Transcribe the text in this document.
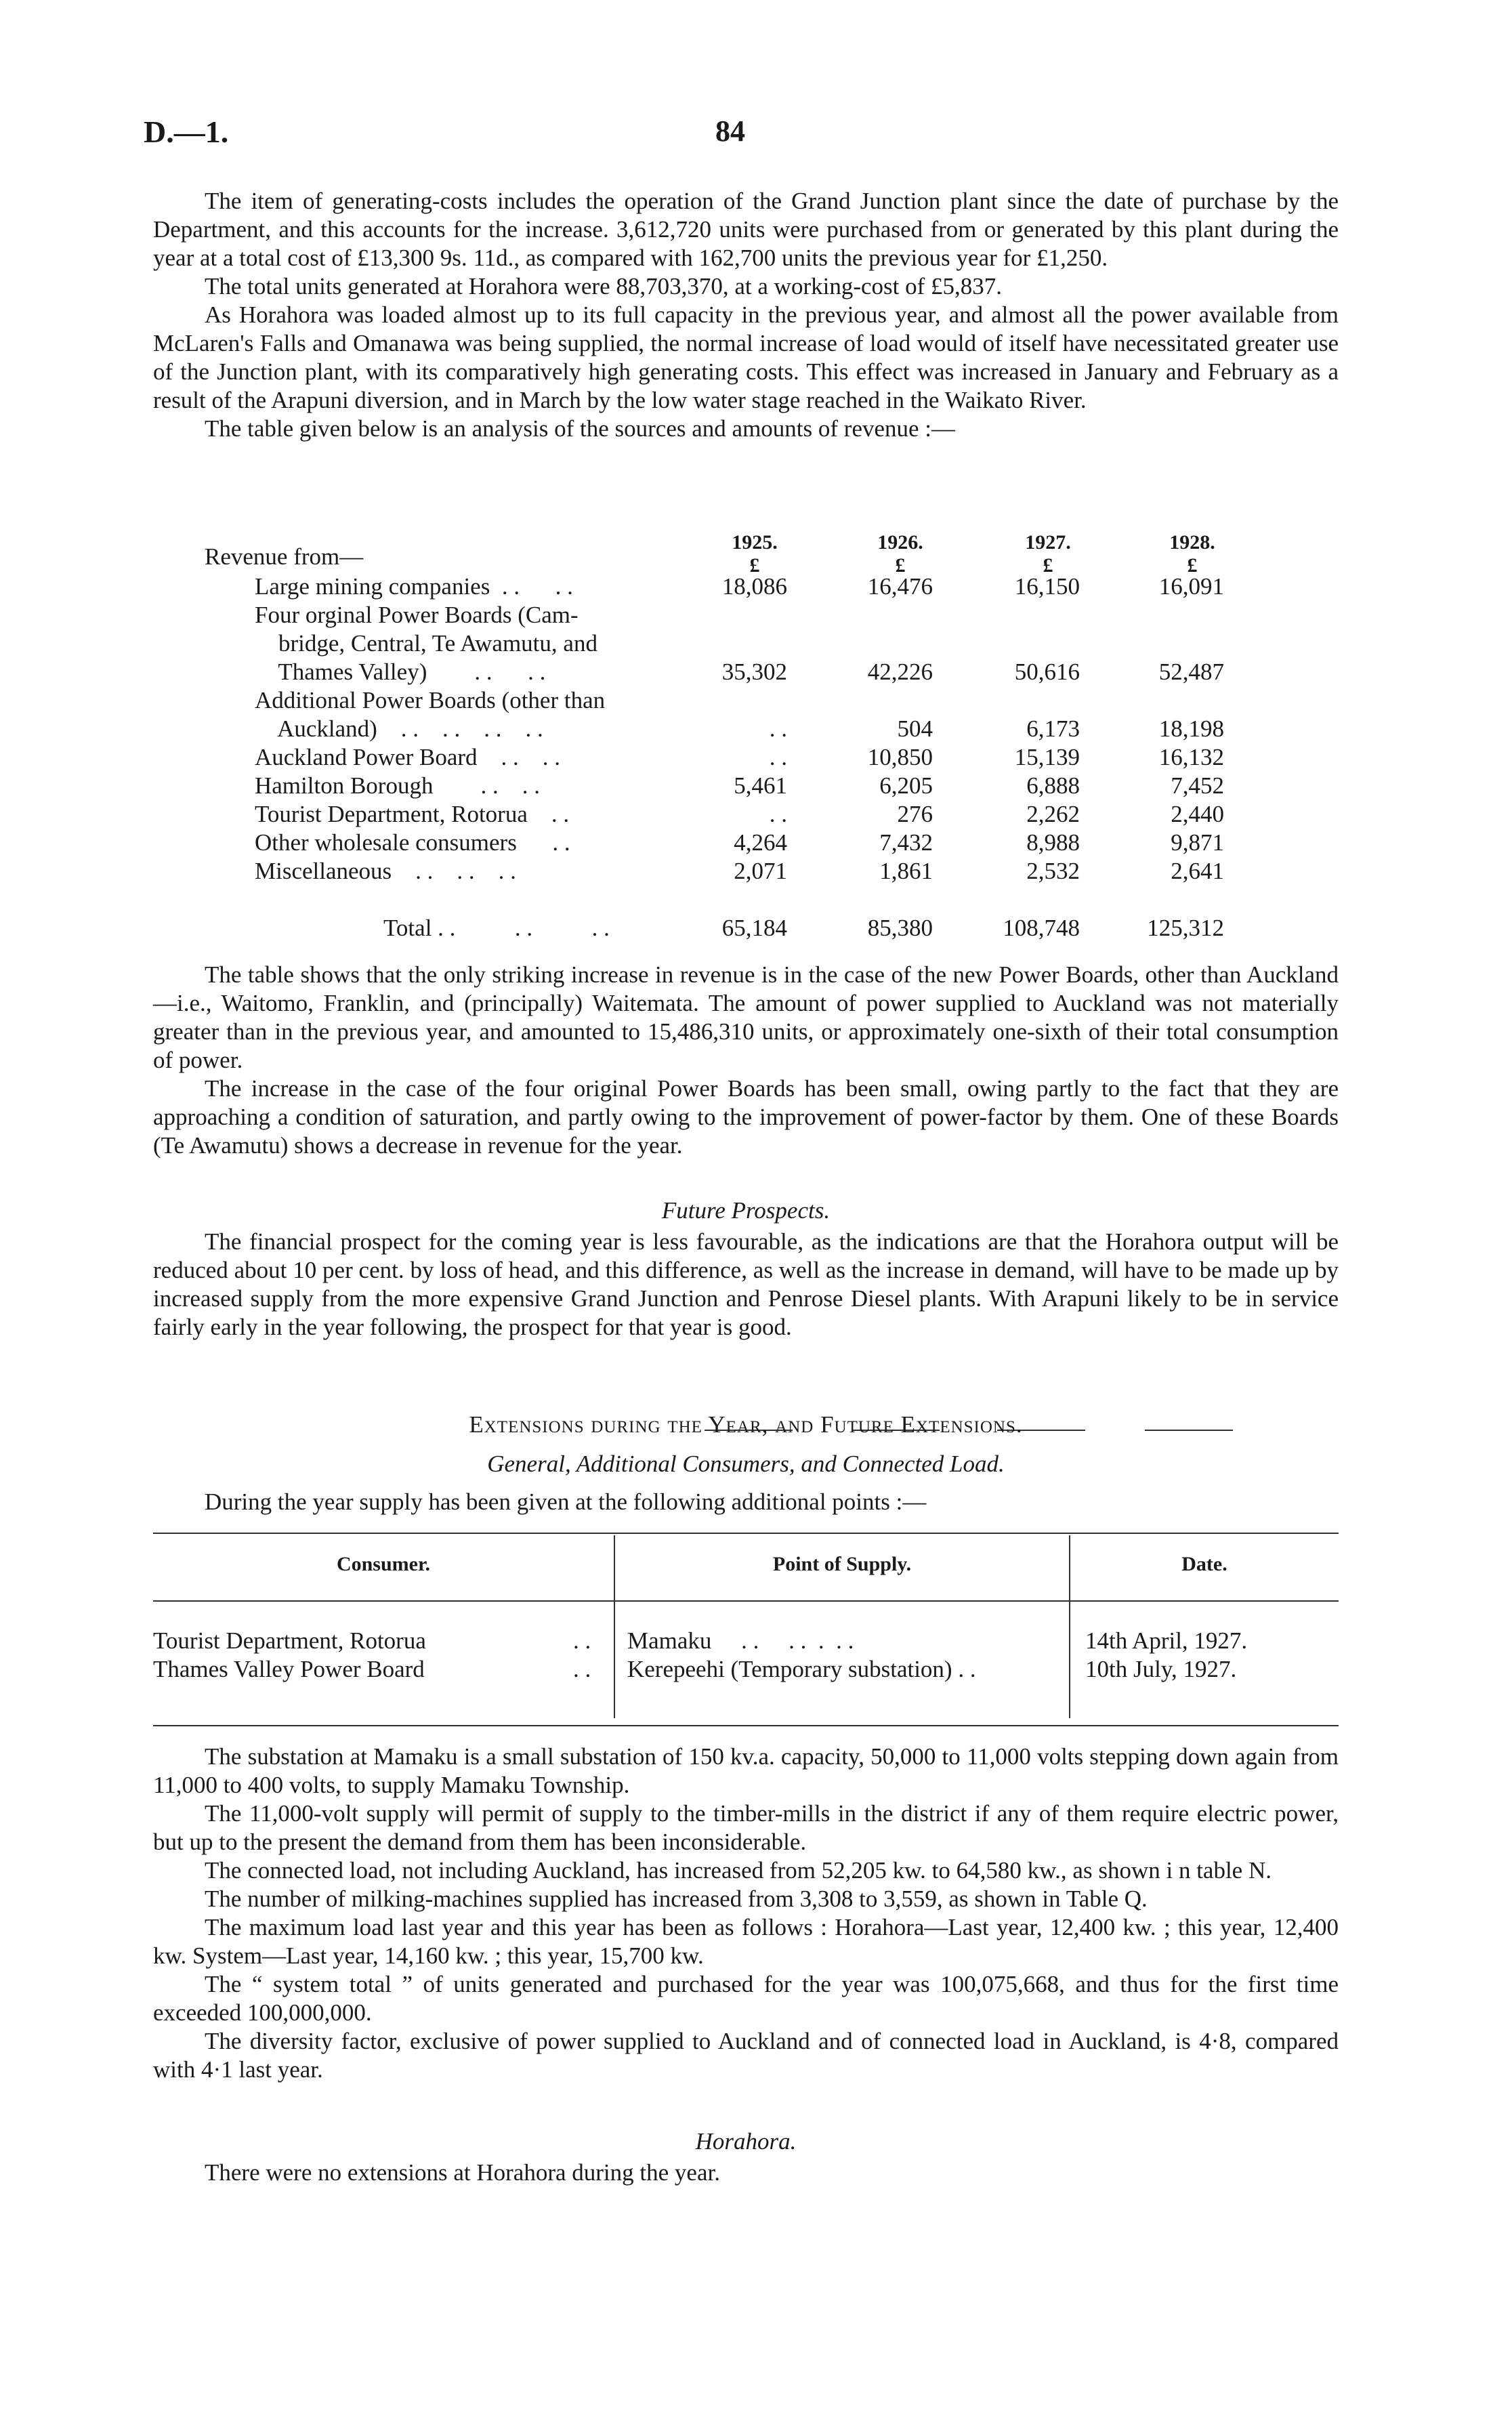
D.—1.	84

The item of generating-costs includes the operation of the Grand Junction plant since the date of purchase by the Department, and this accounts for the increase. 3,612,720 units were purchased from or generated by this plant during the year at a total cost of £13,300 9s. 11d., as compared with 162,700 units the previous year for £1,250.

The total units generated at Horahora were 88,703,370, at a working-cost of £5,837.

As Horahora was loaded almost up to its full capacity in the previous year, and almost all the power available from McLaren's Falls and Omanawa was being supplied, the normal increase of load would of itself have necessitated greater use of the Junction plant, with its comparatively high generating costs. This effect was increased in January and February as a result of the Arapuni diversion, and in March by the low water stage reached in the Waikato River.

The table given below is an analysis of the sources and amounts of revenue :—

1925.	1926.	1927.	1928.
£	£	£	£
Revenue from—
Large mining companies  . .      . .	18,086	16,476	16,150	16,091
Four orginal Power Boards (Cam-
bridge, Central, Te Awamutu, and
Thames Valley)        . .      . .	35,302	42,226	50,616	52,487
Additional Power Boards (other than
Auckland)    . .    . .    . .    . .	. .	504	6,173	18,198
Auckland Power Board    . .    . .	. .	10,850	15,139	16,132
Hamilton Borough        . .    . .	5,461	6,205	6,888	7,452
Tourist Department, Rotorua    . .	. .	276	2,262	2,440
Other wholesale consumers      . .	4,264	7,432	8,988	9,871
Miscellaneous    . .    . .    . .	2,071	1,861	2,532	2,641
Total . .          . .          . .	65,184	85,380	108,748	125,312

The table shows that the only striking increase in revenue is in the case of the new Power Boards, other than Auckland—i.e., Waitomo, Franklin, and (principally) Waitemata. The amount of power supplied to Auckland was not materially greater than in the previous year, and amounted to 15,486,310 units, or approximately one-sixth of their total consumption of power.

The increase in the case of the four original Power Boards has been small, owing partly to the fact that they are approaching a condition of saturation, and partly owing to the improvement of power-factor by them. One of these Boards (Te Awamutu) shows a decrease in revenue for the year.

Future Prospects.

The financial prospect for the coming year is less favourable, as the indications are that the Horahora output will be reduced about 10 per cent. by loss of head, and this difference, as well as the increase in demand, will have to be made up by increased supply from the more expensive Grand Junction and Penrose Diesel plants. With Arapuni likely to be in service fairly early in the year following, the prospect for that year is good.

Extensions during the Year, and Future Extensions.
General, Additional Consumers, and Connected Load.

During the year supply has been given at the following additional points :—

Consumer.	Point of Supply.	Date.
Tourist Department, Rotorua	. . Mamaku     . .     . .  .  . .	14th April, 1927.
Thames Valley Power Board	. . Kerepeehi (Temporary substation) . .	10th July, 1927.

The substation at Mamaku is a small substation of 150 kv.a. capacity, 50,000 to 11,000 volts stepping down again from 11,000 to 400 volts, to supply Mamaku Township.

The 11,000-volt supply will permit of supply to the timber-mills in the district if any of them require electric power, but up to the present the demand from them has been inconsiderable.

The connected load, not including Auckland, has increased from 52,205 kw. to 64,580 kw., as shown i n table N.

The number of milking-machines supplied has increased from 3,308 to 3,559, as shown in Table Q.

The maximum load last year and this year has been as follows : Horahora—Last year, 12,400 kw. ; this year, 12,400 kw. System—Last year, 14,160 kw. ; this year, 15,700 kw.

The “ system total ” of units generated and purchased for the year was 100,075,668, and thus for the first time exceeded 100,000,000.

The diversity factor, exclusive of power supplied to Auckland and of connected load in Auckland, is 4·8, compared with 4·1 last year.

Horahora.

There were no extensions at Horahora during the year.
